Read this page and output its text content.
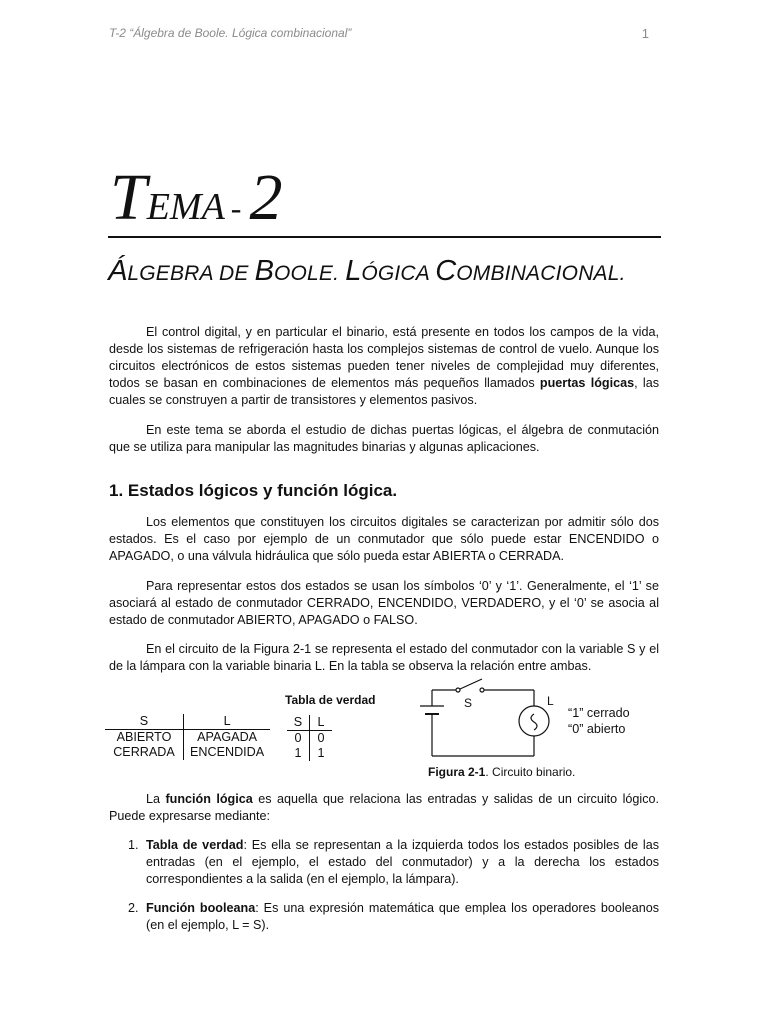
T-2 “Álgebra de Boole. Lógica combinacional”	1
TEMA - 2
ÁLGEBRA DE BOOLE. LÓGICA COMBINACIONAL.

El control digital, y en particular el binario, está presente en todos los campos de la vida, desde los sistemas de refrigeración hasta los complejos sistemas de control de vuelo. Aunque los circuitos electrónicos de estos sistemas pueden tener niveles de complejidad muy diferentes, todos se basan en combinaciones de elementos más pequeños llamados puertas lógicas, las cuales se construyen a partir de transistores y elementos pasivos.

En este tema se aborda el estudio de dichas puertas lógicas, el álgebra de conmutación que se utiliza para manipular las magnitudes binarias y algunas aplicaciones.

1. Estados lógicos y función lógica.

Los elementos que constituyen los circuitos digitales se caracterizan por admitir sólo dos estados. Es el caso por ejemplo de un conmutador que sólo puede estar ENCENDIDO o APAGADO, o una válvula hidráulica que sólo pueda estar ABIERTA o CERRADA.

Para representar estos dos estados se usan los símbolos ‘0’ y ‘1’. Generalmente, el ‘1’ se asociará al estado de conmutador CERRADO, ENCENDIDO, VERDADERO, y el ‘0’ se asocia al estado de conmutador ABIERTO, APAGADO o FALSO.

En el circuito de la Figura 2-1 se representa el estado del conmutador con la variable S y el de la lámpara con la variable binaria L. En la tabla se observa la relación entre ambas.

S	L
ABIERTO	APAGADA
CERRADA	ENCENDIDA
Tabla de verdad
S	L
0	0
1	1
S	L
“1” cerrado
“0” abierto
Figura 2-1. Circuito binario.

La función lógica es aquella que relaciona las entradas y salidas de un circuito lógico. Puede expresarse mediante:

1. Tabla de verdad: Es ella se representan a la izquierda todos los estados posibles de las entradas (en el ejemplo, el estado del conmutador) y a la derecha los estados correspondientes a la salida (en el ejemplo, la lámpara).

2. Función booleana: Es una expresión matemática que emplea los operadores booleanos (en el ejemplo, L = S).
